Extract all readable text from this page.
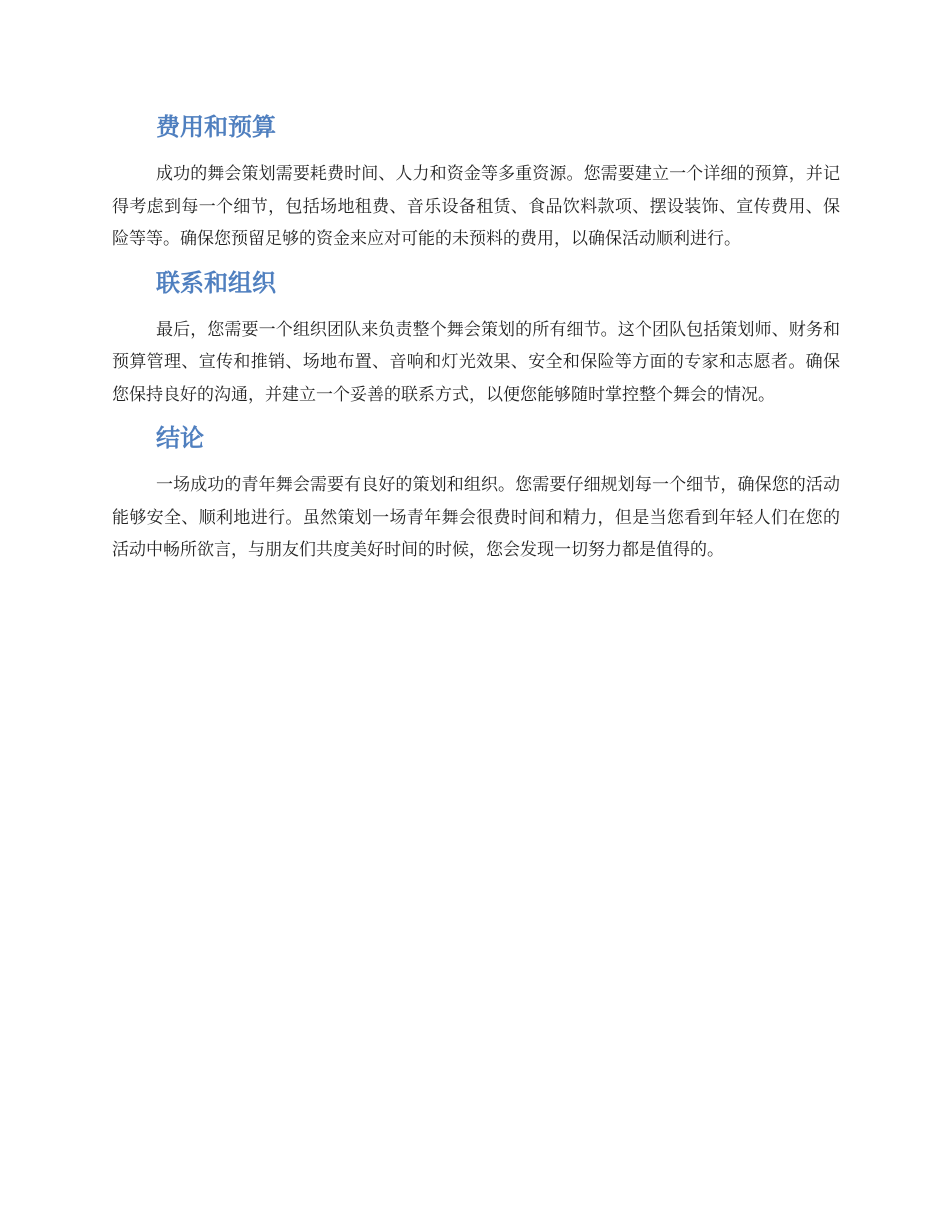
费用和预算

成功的舞会策划需要耗费时间、人力和资金等多重资源。您需要建立一个详细的预算，并记得考虑到每一个细节，包括场地租费、音乐设备租赁、食品饮料款项、摆设装饰、宣传费用、保险等等。确保您预留足够的资金来应对可能的未预料的费用，以确保活动顺利进行。

联系和组织

最后，您需要一个组织团队来负责整个舞会策划的所有细节。这个团队包括策划师、财务和预算管理、宣传和推销、场地布置、音响和灯光效果、安全和保险等方面的专家和志愿者。确保您保持良好的沟通，并建立一个妥善的联系方式，以便您能够随时掌控整个舞会的情况。

结论

一场成功的青年舞会需要有良好的策划和组织。您需要仔细规划每一个细节，确保您的活动能够安全、顺利地进行。虽然策划一场青年舞会很费时间和精力，但是当您看到年轻人们在您的活动中畅所欲言，与朋友们共度美好时间的时候，您会发现一切努力都是值得的。
